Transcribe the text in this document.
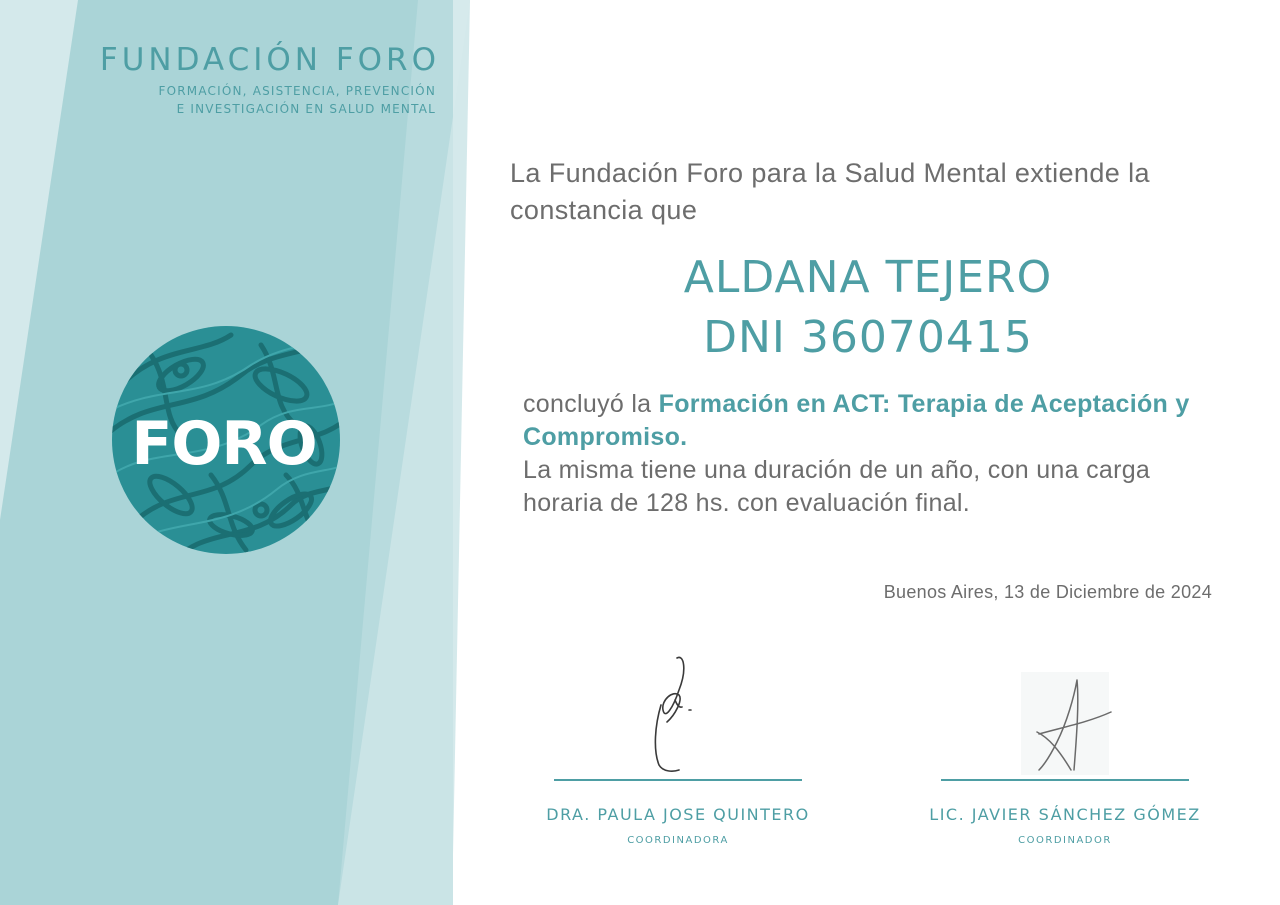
FUNDACIÓN FORO
FORMACIÓN, ASISTENCIA, PREVENCIÓN
E INVESTIGACIÓN EN SALUD MENTAL
FORO

La Fundación Foro para la Salud Mental extiende la constancia que

ALDANA TEJERO
DNI 36070415

concluyó la Formación en ACT: Terapia de Aceptación y Compromiso.
La misma tiene una duración de un año, con una carga horaria de 128 hs. con evaluación final.

Buenos Aires, 13 de Diciembre de 2024
DRA. PAULA JOSE QUINTERO
COORDINADORA
LIC. JAVIER SÁNCHEZ GÓMEZ
COORDINADOR
